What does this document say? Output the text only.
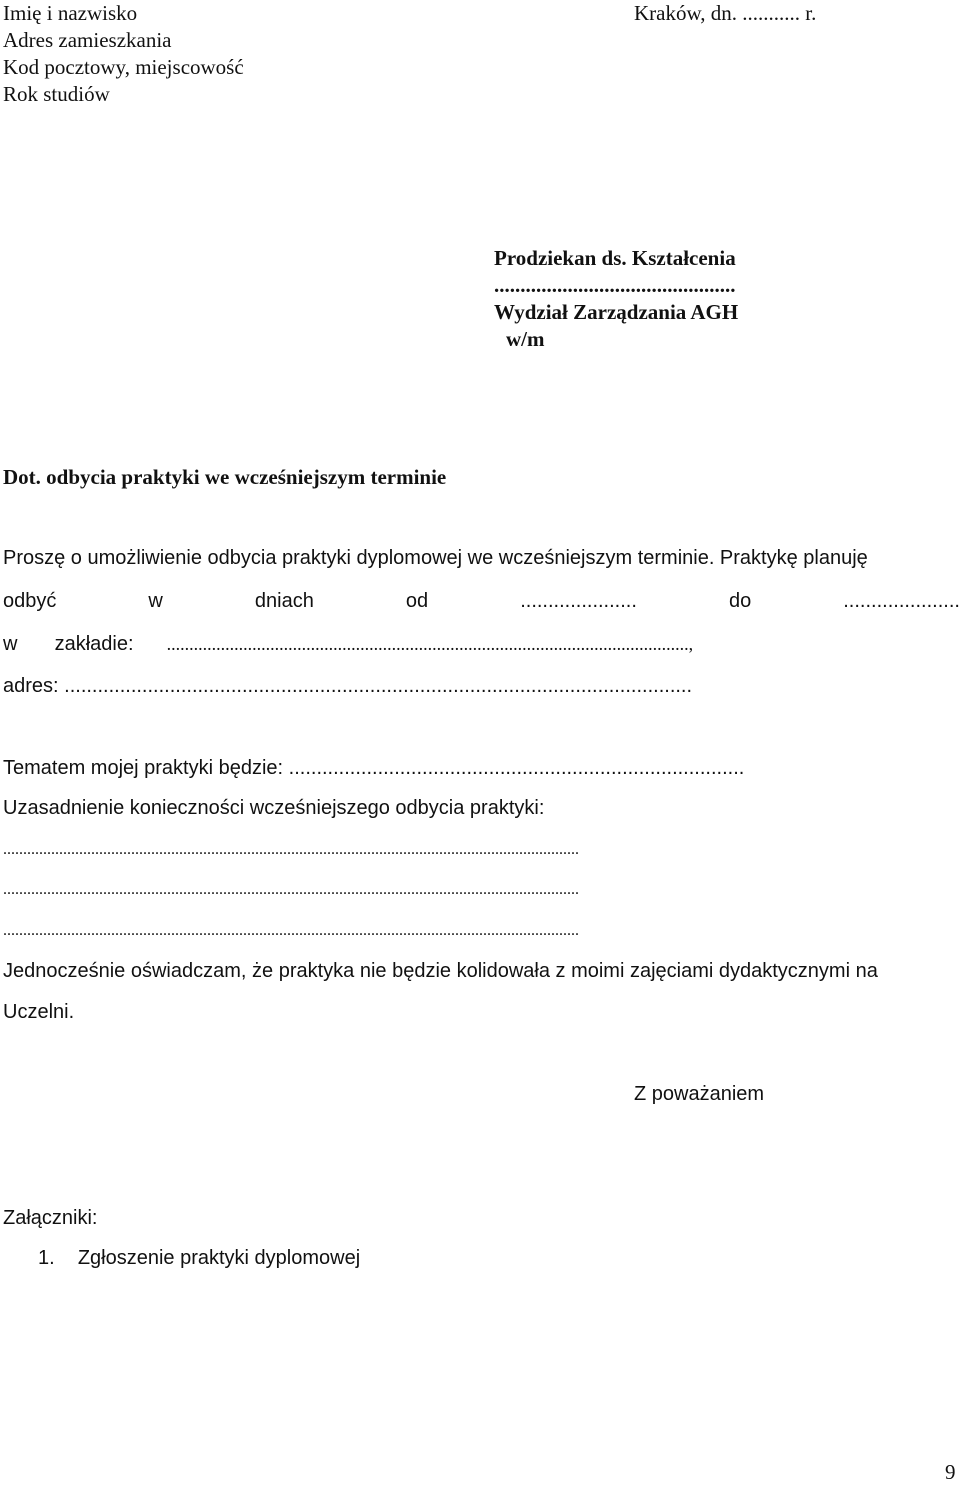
Imię i nazwisko
Adres zamieszkania
Kod pocztowy, miejscowość
Rok studiów
Kraków, dn. ........... r.
Prodziekan ds. Kształcenia
..............................................
Wydział Zarządzania AGH
w/m
Dot. odbycia praktyki we wcześniejszym terminie
Proszę o umożliwienie odbycia praktyki dyplomowej we wcześniejszym terminie. Praktykę planuję
odbyć	w	dniach	od	.....................	do	.....................
w zakładie: ....................................................................................................................,
adres: .................................................................................................................
Tematem mojej praktyki będzie: ..................................................................................
Uzasadnienie konieczności wcześniejszego odbycia praktyki:
................................................................................................................................................
................................................................................................................................................
................................................................................................................................................
Jednocześnie oświadczam, że praktyka nie będzie kolidowała z moimi zajęciami dydaktycznymi na
Uczelni.
Z poważaniem
Załączniki:
1. Zgłoszenie praktyki dyplomowej
9
